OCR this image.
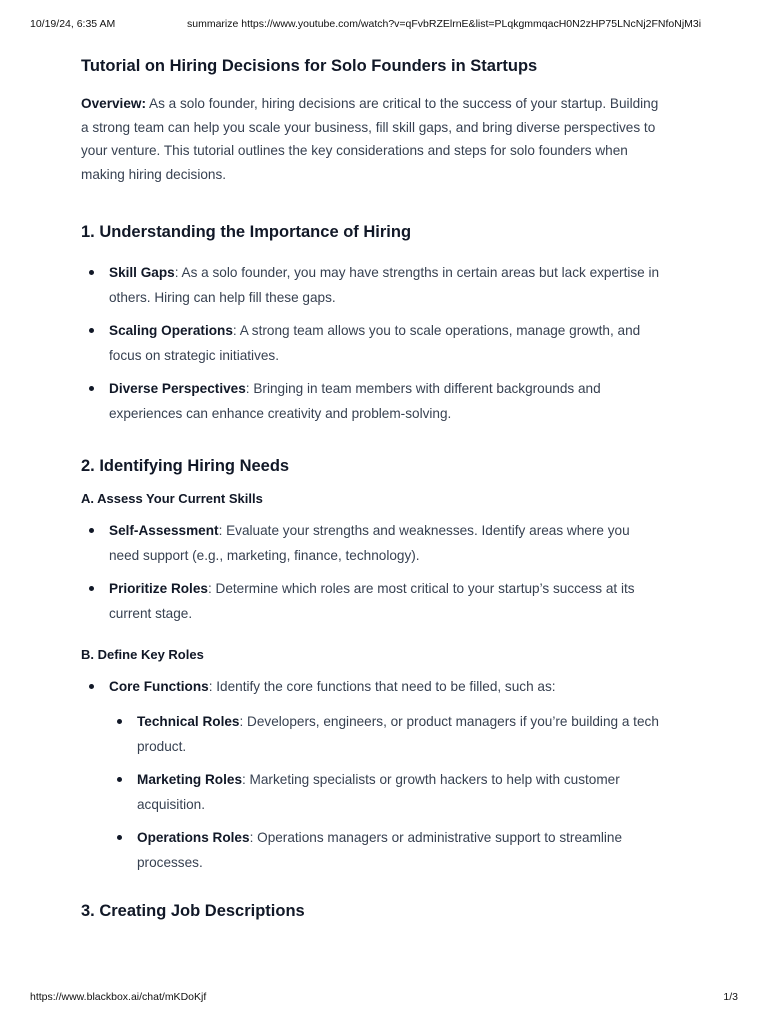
10/19/24, 6:35 AM	summarize https://www.youtube.com/watch?v=qFvbRZElrnE&list=PLqkgmmqacH0N2zHP75LNcNj2FNfoNjM3i
Tutorial on Hiring Decisions for Solo Founders in Startups

Overview: As a solo founder, hiring decisions are critical to the success of your startup. Building a strong team can help you scale your business, fill skill gaps, and bring diverse perspectives to your venture. This tutorial outlines the key considerations and steps for solo founders when making hiring decisions.

1. Understanding the Importance of Hiring
Skill Gaps: As a solo founder, you may have strengths in certain areas but lack expertise in others. Hiring can help fill these gaps.
Scaling Operations: A strong team allows you to scale operations, manage growth, and focus on strategic initiatives.
Diverse Perspectives: Bringing in team members with different backgrounds and experiences can enhance creativity and problem-solving.
2. Identifying Hiring Needs
A. Assess Your Current Skills
Self-Assessment: Evaluate your strengths and weaknesses. Identify areas where you need support (e.g., marketing, finance, technology).
Prioritize Roles: Determine which roles are most critical to your startup’s success at its current stage.
B. Define Key Roles
Core Functions: Identify the core functions that need to be filled, such as:
Technical Roles: Developers, engineers, or product managers if you’re building a tech product.
Marketing Roles: Marketing specialists or growth hackers to help with customer acquisition.
Operations Roles: Operations managers or administrative support to streamline processes.
3. Creating Job Descriptions
https://www.blackbox.ai/chat/mKDoKjf	1/3
